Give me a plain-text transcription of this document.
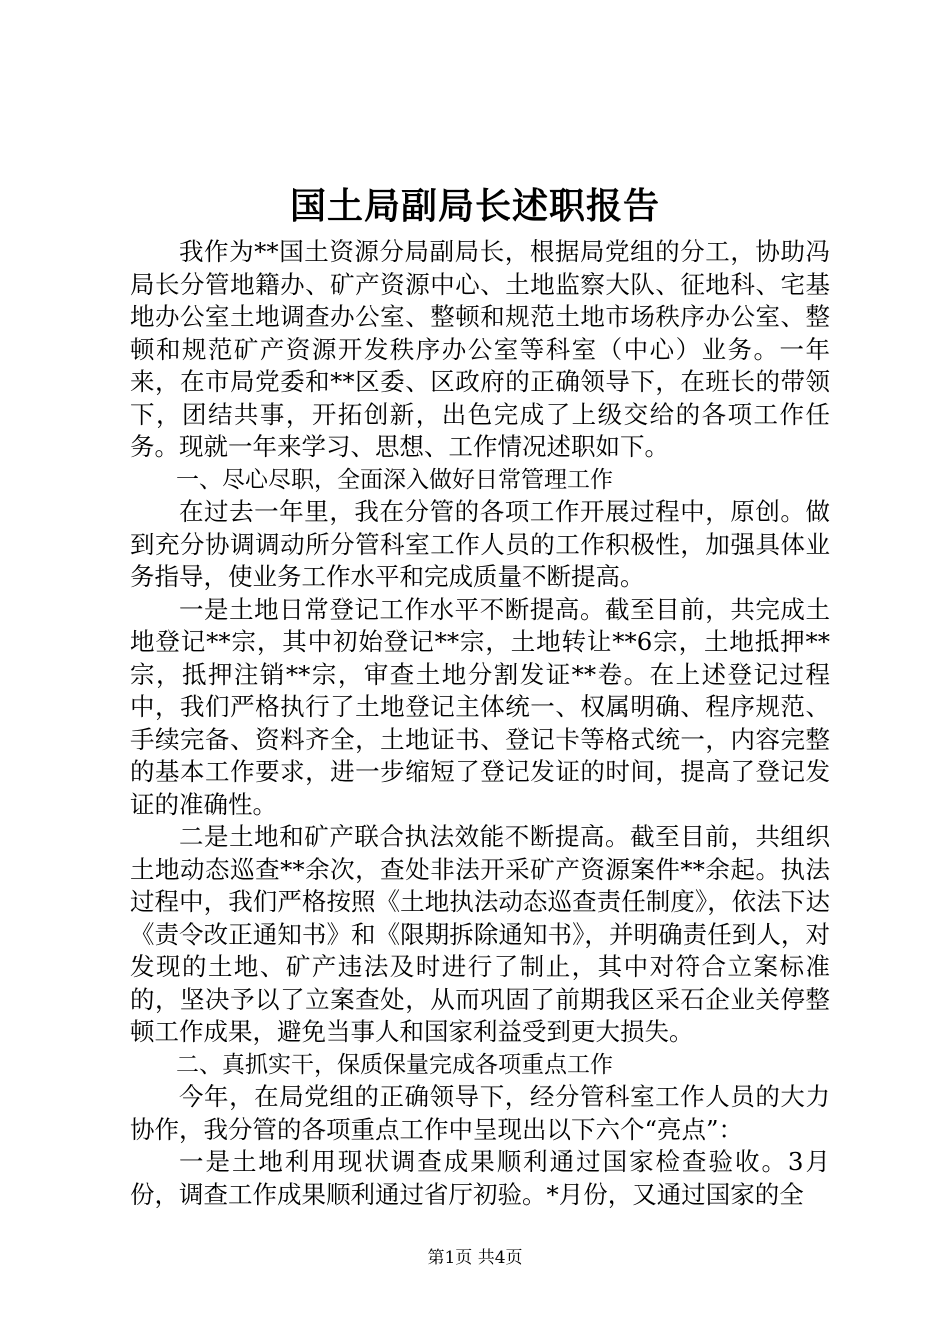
国土局副局长述职报告

我作为**国土资源分局副局长，根据局党组的分工，协助冯局长分管地籍办、矿产资源中心、土地监察大队、征地科、宅基地办公室土地调查办公室、整顿和规范土地市场秩序办公室、整顿和规范矿产资源开发秩序办公室等科室（中心）业务。一年来，在市局党委和**区委、区政府的正确领导下，在班长的带领下，团结共事，开拓创新，出色完成了上级交给的各项工作任务。现就一年来学习、思想、工作情况述职如下。

一、尽心尽职，全面深入做好日常管理工作

在过去一年里，我在分管的各项工作开展过程中，原创。做到充分协调调动所分管科室工作人员的工作积极性，加强具体业务指导，使业务工作水平和完成质量不断提高。

一是土地日常登记工作水平不断提高。截至目前，共完成土地登记**宗，其中初始登记**宗，土地转让**6宗，土地抵押**宗，抵押注销**宗，审查土地分割发证**卷。在上述登记过程中，我们严格执行了土地登记主体统一、权属明确、程序规范、手续完备、资料齐全，土地证书、登记卡等格式统一，内容完整的基本工作要求，进一步缩短了登记发证的时间，提高了登记发证的准确性。

二是土地和矿产联合执法效能不断提高。截至目前，共组织土地动态巡查**余次，查处非法开采矿产资源案件**余起。执法过程中，我们严格按照《土地执法动态巡查责任制度》，依法下达《责令改正通知书》和《限期拆除通知书》，并明确责任到人，对发现的土地、矿产违法及时进行了制止，其中对符合立案标准的，坚决予以了立案查处，从而巩固了前期我区采石企业关停整顿工作成果，避免当事人和国家利益受到更大损失。

二、真抓实干，保质保量完成各项重点工作

今年，在局党组的正确领导下，经分管科室工作人员的大力协作，我分管的各项重点工作中呈现出以下六个“亮点”：

一是土地利用现状调查成果顺利通过国家检查验收。3月份，调查工作成果顺利通过省厅初验。*月份，又通过国家的全

第1页 共4页
